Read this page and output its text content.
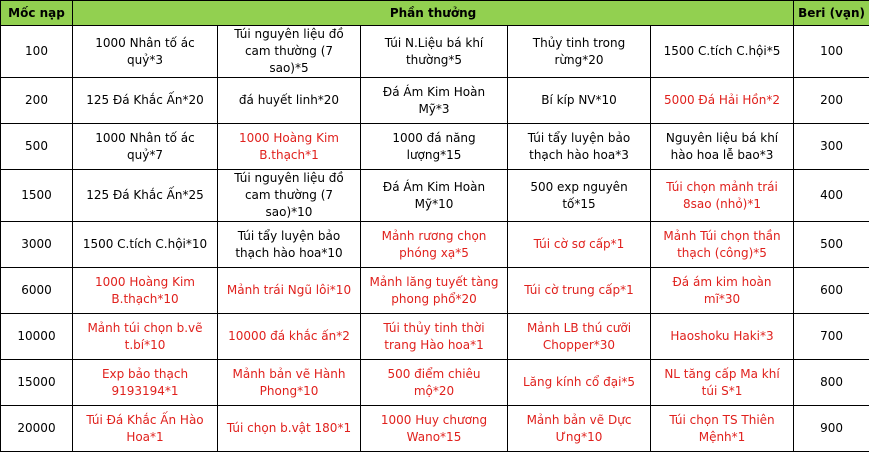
Mốc nạp	Phần thưởng					Beri (vạn)
100	1000 Nhân tố ác quỷ*3	Túi nguyên liệu đồ cam thường (7 sao)*5	Túi N.Liệu bá khí thường*5	Thủy tinh trong rừng*20	1500 C.tích C.hội*5	100
200	125 Đá Khắc Ấn*20	đá huyết linh*20	Đá Ám Kim Hoàn Mỹ*3	Bí kíp NV*10	5000 Đá Hải Hồn*2	200
500	1000 Nhân tố ác quỷ*7	1000 Hoàng Kim B.thạch*1	1000 đá năng lượng*15	Túi tẩy luyện bảo thạch hào hoa*3	Nguyên liệu bá khí hào hoa lễ bao*3	300
1500	125 Đá Khắc Ấn*25	Túi nguyên liệu đồ cam thường (7 sao)*10	Đá Ám Kim Hoàn Mỹ*10	500 exp nguyên tố*15	Túi chọn mảnh trái 8sao (nhỏ)*1	400
3000	1500 C.tích C.hội*10	Túi tẩy luyện bảo thạch hào hoa*10	Mảnh rương chọn phóng xạ*5	Túi cờ sơ cấp*1	Mảnh Túi chọn thần thạch (công)*5	500
6000	1000 Hoàng Kim B.thạch*10	Mảnh trái Ngũ lôi*10	Mảnh lăng tuyết tàng phong phổ*20	Túi cờ trung cấp*1	Đá ám kim hoàn mĩ*30	600
10000	Mảnh túi chọn b.vẽ t.bí*10	10000 đá khắc ấn*2	Túi thủy tinh thời trang Hào hoa*1	Mảnh LB thú cưỡi Chopper*30	Haoshoku Haki*3	700
15000	Exp bảo thạch 9193194*1	Mảnh bản vẽ Hành Phong*10	500 điểm chiêu mộ*20	Lăng kính cổ đại*5	NL tăng cấp Ma khí túi S*1	800
20000	Túi Đá Khắc Ấn Hào Hoa*1	Túi chọn b.vật 180*1	1000 Huy chương Wano*15	Mảnh bản vẽ Dực Ưng*10	Túi chọn TS Thiên Mệnh*1	900
